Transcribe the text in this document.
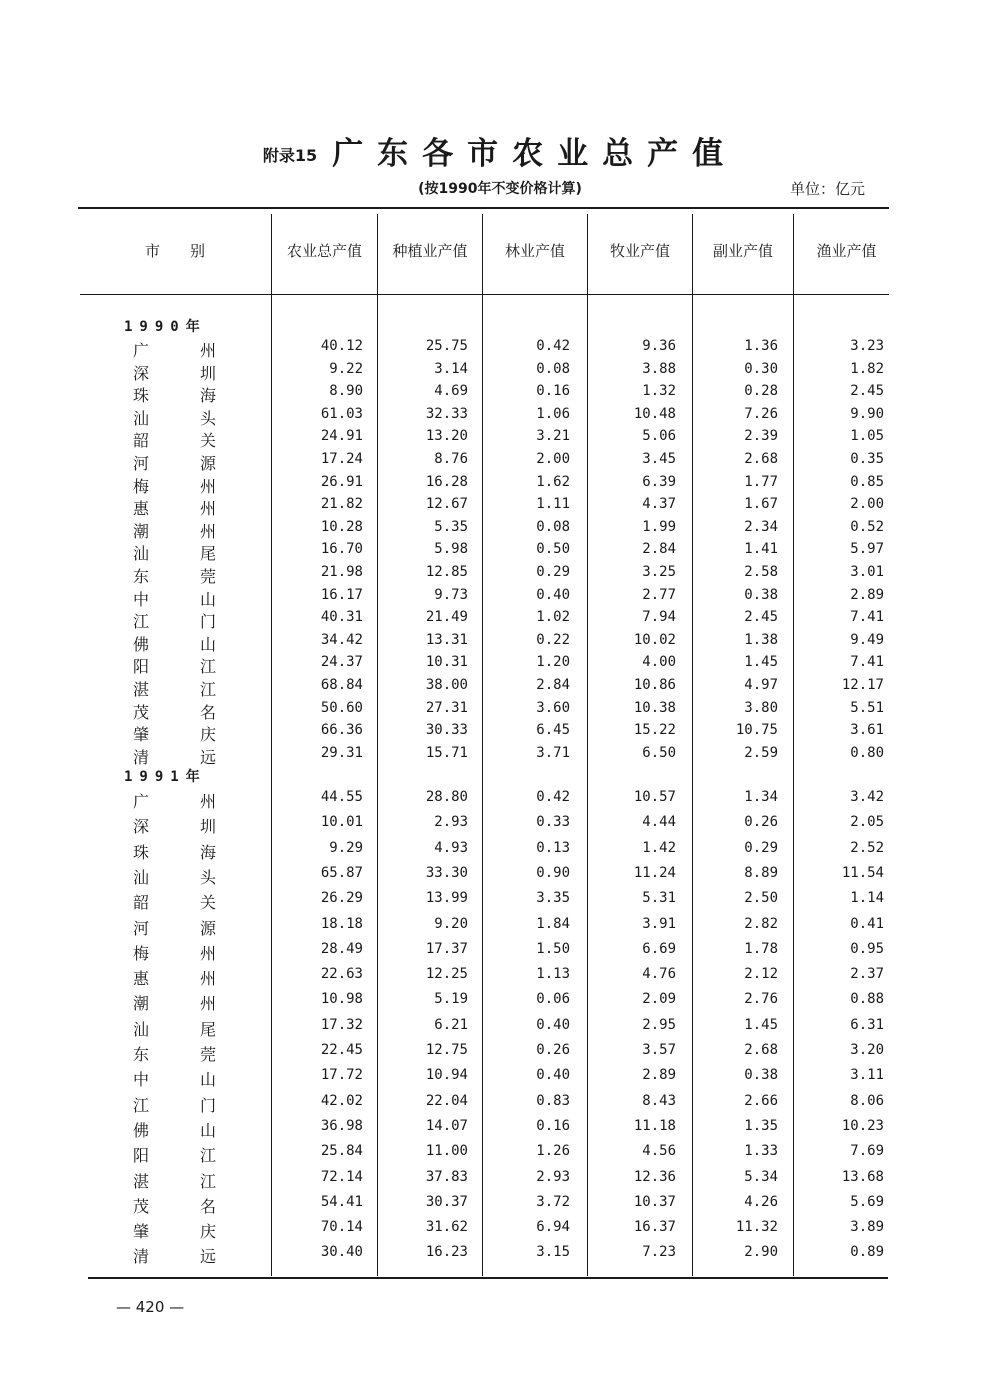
附录15 广东各市农业总产值
(按1990年不变价格计算)	单位：亿元
市　　别	农业总产值	种植业产值	林业产值	牧业产值	副业产值	渔业产值
1990年
广	州	40.12	25.75	0.42	9.36	1.36	3.23
深	圳	9.22	3.14	0.08	3.88	0.30	1.82
珠	海	8.90	4.69	0.16	1.32	0.28	2.45
汕	头	61.03	32.33	1.06	10.48	7.26	9.90
韶	关	24.91	13.20	3.21	5.06	2.39	1.05
河	源	17.24	8.76	2.00	3.45	2.68	0.35
梅	州	26.91	16.28	1.62	6.39	1.77	0.85
惠	州	21.82	12.67	1.11	4.37	1.67	2.00
潮	州	10.28	5.35	0.08	1.99	2.34	0.52
汕	尾	16.70	5.98	0.50	2.84	1.41	5.97
东	莞	21.98	12.85	0.29	3.25	2.58	3.01
中	山	16.17	9.73	0.40	2.77	0.38	2.89
江	门	40.31	21.49	1.02	7.94	2.45	7.41
佛	山	34.42	13.31	0.22	10.02	1.38	9.49
阳	江	24.37	10.31	1.20	4.00	1.45	7.41
湛	江	68.84	38.00	2.84	10.86	4.97	12.17
茂	名	50.60	27.31	3.60	10.38	3.80	5.51
肇	庆	66.36	30.33	6.45	15.22	10.75	3.61
清	远	29.31	15.71	3.71	6.50	2.59	0.80
1991年
广	州	44.55	28.80	0.42	10.57	1.34	3.42
深	圳	10.01	2.93	0.33	4.44	0.26	2.05
珠	海	9.29	4.93	0.13	1.42	0.29	2.52
汕	头	65.87	33.30	0.90	11.24	8.89	11.54
韶	关	26.29	13.99	3.35	5.31	2.50	1.14
河	源	18.18	9.20	1.84	3.91	2.82	0.41
梅	州	28.49	17.37	1.50	6.69	1.78	0.95
惠	州	22.63	12.25	1.13	4.76	2.12	2.37
潮	州	10.98	5.19	0.06	2.09	2.76	0.88
汕	尾	17.32	6.21	0.40	2.95	1.45	6.31
东	莞	22.45	12.75	0.26	3.57	2.68	3.20
中	山	17.72	10.94	0.40	2.89	0.38	3.11
江	门	42.02	22.04	0.83	8.43	2.66	8.06
佛	山	36.98	14.07	0.16	11.18	1.35	10.23
阳	江	25.84	11.00	1.26	4.56	1.33	7.69
湛	江	72.14	37.83	2.93	12.36	5.34	13.68
茂	名	54.41	30.37	3.72	10.37	4.26	5.69
肇	庆	70.14	31.62	6.94	16.37	11.32	3.89
清	远	30.40	16.23	3.15	7.23	2.90	0.89
— 420 —
